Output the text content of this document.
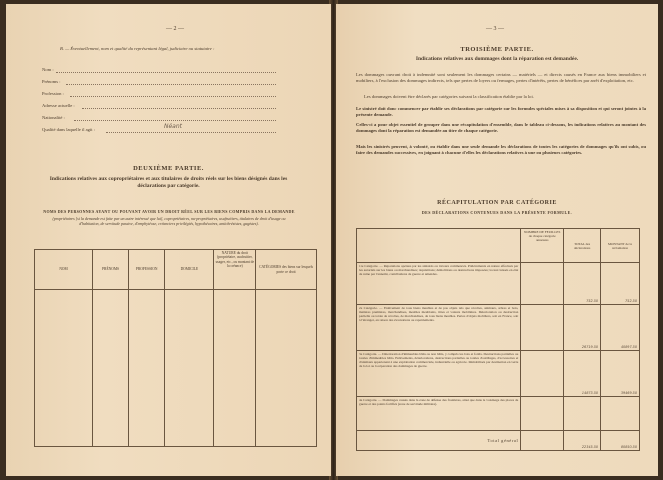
— 2 —
B. — Éventuellement, nom et qualité du représentant légal, judiciaire ou statutaire :
Nom :
Prénoms :
Profession :
Adresse actuelle :
Nationalité :
Qualité dans laquelle il agit :	Néant
DEUXIÈME PARTIE.
Indications relatives aux copropriétaires et aux titulaires de droits réels sur les biens désignés dans les déclarations par catégorie.
NOMS DES PERSONNES AYANT OU POUVANT AVOIR UN DROIT RÉEL SUR LES BIENS COMPRIS DANS LA DEMANDE
(propriétaires [si la demande est faite par un autre intéressé que lui], copropriétaires, nu-propriétaires, usufruitiers, titulaires de droit d'usage ou d'habitation, de servitude passive, d'emphytéose, créanciers privilégiés, hypothécaires, antichrésistes, gagistes).
NOM	PRÉNOMS	PROFESSION	DOMICILE	NATURE du droit (propriétaire, usufruitier, usager, etc., ou montant de la créance)	CATÉGORIES des biens sur lesquels porte ce droit

— 3 —
TROISIÈME PARTIE.
Indications relatives aux dommages dont la réparation est demandée.
Les dommages ouvrant droit à indemnité sont seulement les dommages certains — matériels — et directs causés en France aux biens immobiliers et mobiliers, à l'exclusion des dommages indirects, tels que pertes de loyers ou fermages, pertes d'intérêts, pertes de bénéfices par arrêt d'exploitation, etc.
Les dommages doivent être déclarés par catégories suivant la classification établie par la loi.
Le sinistré doit donc commencer par établir ses déclarations par catégorie sur les formules spéciales mises à sa disposition et qui seront jointes à la présente demande.
Celles-ci a pour objet essentiel de grouper dans une récapitulation d'ensemble, dans le tableau ci-dessous, les indications relatives au montant des dommages dont la réparation est demandée au titre de chaque catégorie.
Mais les sinistrés peuvent, à volonté, ou établir dans une seule demande les déclarations de toutes les catégories de dommages qu'ils ont subis, ou faire des demandes successives, en joignant à chacune d'elles les déclarations relatives à une ou plusieurs catégories.
RÉCAPITULATION PAR CATÉGORIE
DES DÉCLARATIONS CONTENUES DANS LA PRÉSENTE FORMULE.
	NOMBRE DE FEUILLES de chaque catégorie annexées	TOTAL des déclarations	MONTANT de la réclamation
1re Catégorie. — Réparations opérées par les sinistrés ou travaux commencés. Prélèvements en nature effectués par les autorités sur les biens ou marchandises; réquisitions; démolitions ou destructions imposées; locaux laissés en état de ruine par l'ennemi, contributions de guerre et amendes.		752.50	752.50
2e Catégorie. — Enlèvement de tous biens meubles et de pas objets tels que récoltes, animaux, arbres et bois, matières premières, marchandises, meubles meublants, titres et valeurs mobilières. Déterioration ou destruction partielle ou totale de récoltes, de marchandises, de tous biens meubles. Pertes d'objets mobiliers, soit en France, soit à l'étranger, en raison des évacuations ou rapatriements.		26719.50	40897.50
3e Catégorie. — Déterioration d'immeubles bâtis ou non bâtis, y compris les bois et forêts. Destructions partielles ou totales d'immeubles bâtis. Enlèvements, déteriorations, destructions partielles ou totales d'outillages, d'accessoires et d'animaux appartenant à une exploitation commerciale, industrielle ou agricole. Immobilisés par destination en vertu de la loi ou la réparation des dommages de guerre.		14873.50	39469.50
4e Catégorie. — Dommages causés dans la zone de défense des frontières, ainsi que dans le voisinage des places de guerre et des points fortifiés (zone de servitude militaire).			
Total général		22345.50	80850.50
